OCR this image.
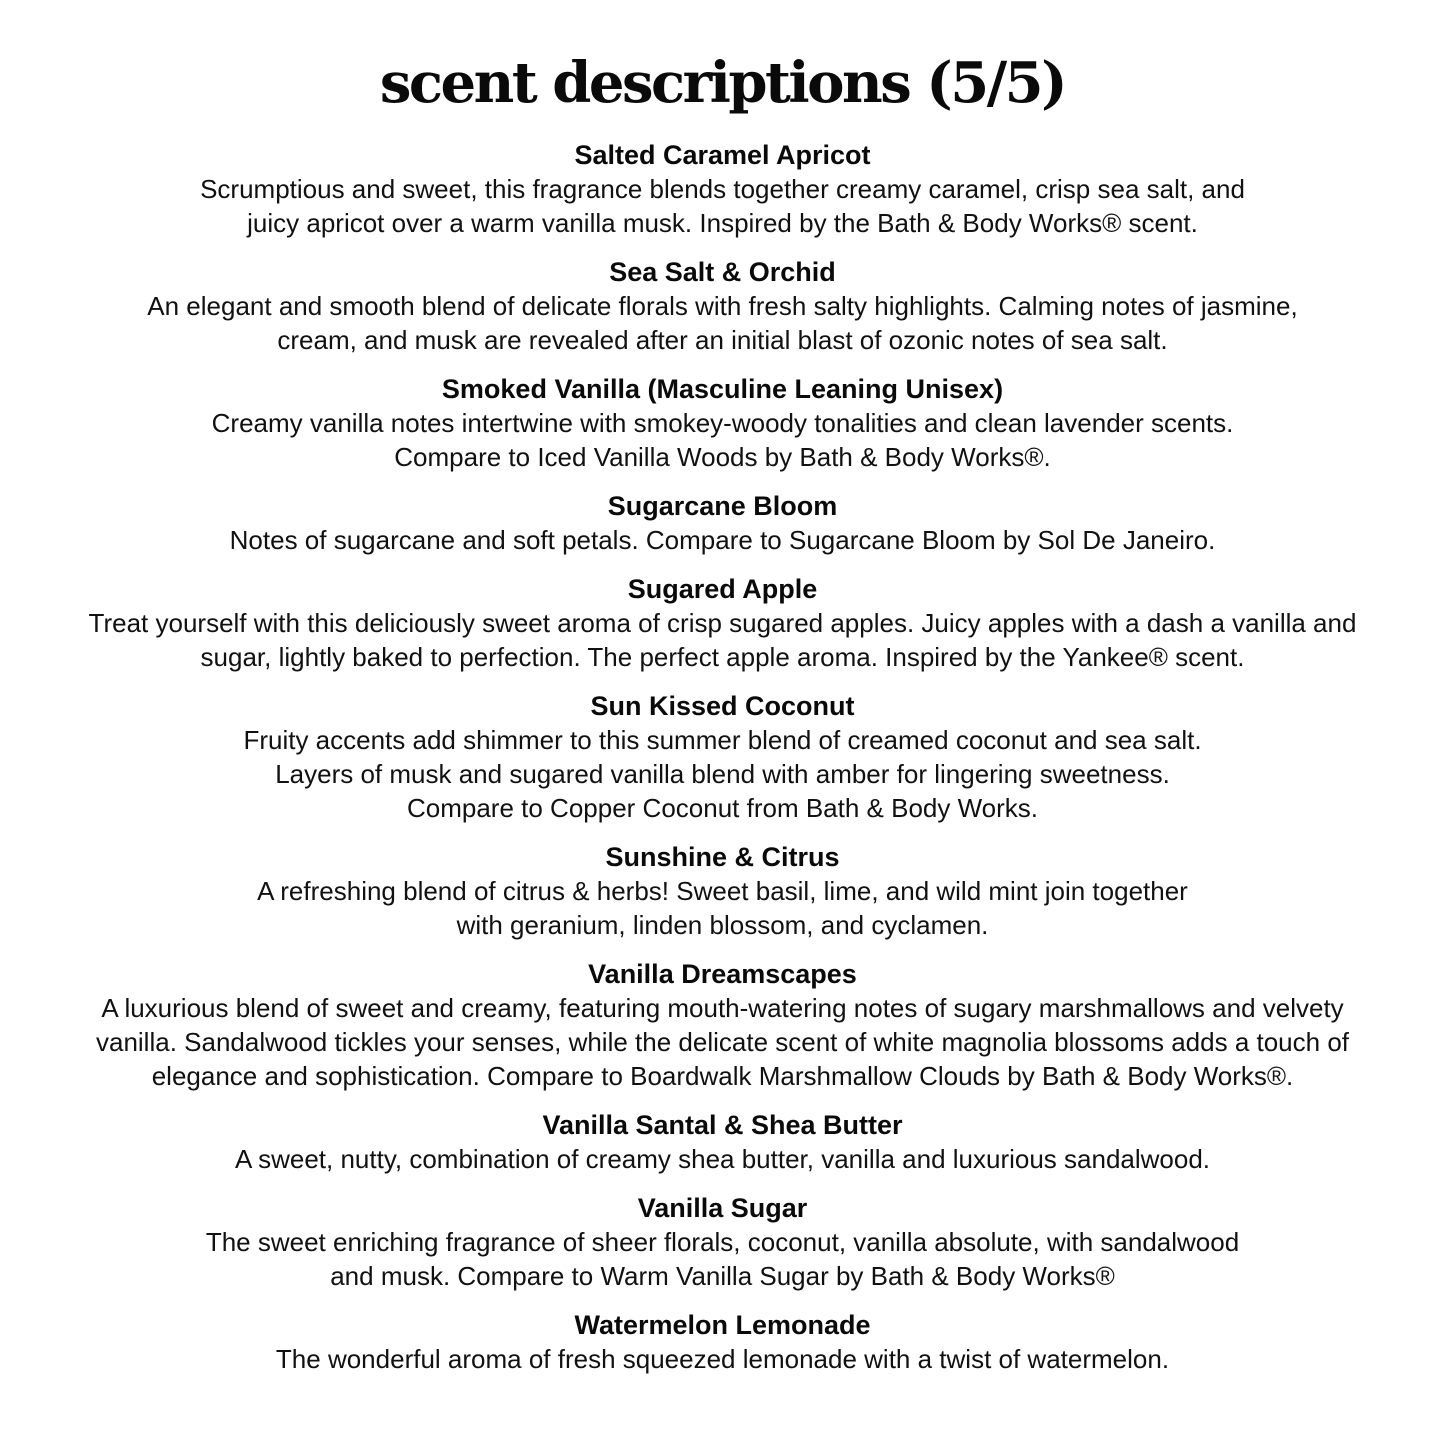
scent descriptions (5/5)
Salted Caramel Apricot
Scrumptious and sweet, this fragrance blends together creamy caramel, crisp sea salt, and
juicy apricot over a warm vanilla musk. Inspired by the Bath & Body Works® scent.
Sea Salt & Orchid
An elegant and smooth blend of delicate florals with fresh salty highlights. Calming notes of jasmine,
cream, and musk are revealed after an initial blast of ozonic notes of sea salt.
Smoked Vanilla (Masculine Leaning Unisex)
Creamy vanilla notes intertwine with smokey-woody tonalities and clean lavender scents.
Compare to Iced Vanilla Woods by Bath & Body Works®.
Sugarcane Bloom
Notes of sugarcane and soft petals. Compare to Sugarcane Bloom by Sol De Janeiro.
Sugared Apple
Treat yourself with this deliciously sweet aroma of crisp sugared apples. Juicy apples with a dash a vanilla and
sugar, lightly baked to perfection. The perfect apple aroma. Inspired by the Yankee® scent.
Sun Kissed Coconut
Fruity accents add shimmer to this summer blend of creamed coconut and sea salt.
Layers of musk and sugared vanilla blend with amber for lingering sweetness.
Compare to Copper Coconut from Bath & Body Works.
Sunshine & Citrus
A refreshing blend of citrus & herbs! Sweet basil, lime, and wild mint join together
with geranium, linden blossom, and cyclamen.
Vanilla Dreamscapes
A luxurious blend of sweet and creamy, featuring mouth-watering notes of sugary marshmallows and velvety
vanilla. Sandalwood tickles your senses, while the delicate scent of white magnolia blossoms adds a touch of
elegance and sophistication. Compare to Boardwalk Marshmallow Clouds by Bath & Body Works®.
Vanilla Santal & Shea Butter
A sweet, nutty, combination of creamy shea butter, vanilla and luxurious sandalwood.
Vanilla Sugar
The sweet enriching fragrance of sheer florals, coconut, vanilla absolute, with sandalwood
and musk. Compare to Warm Vanilla Sugar by Bath & Body Works®
Watermelon Lemonade
The wonderful aroma of fresh squeezed lemonade with a twist of watermelon.
